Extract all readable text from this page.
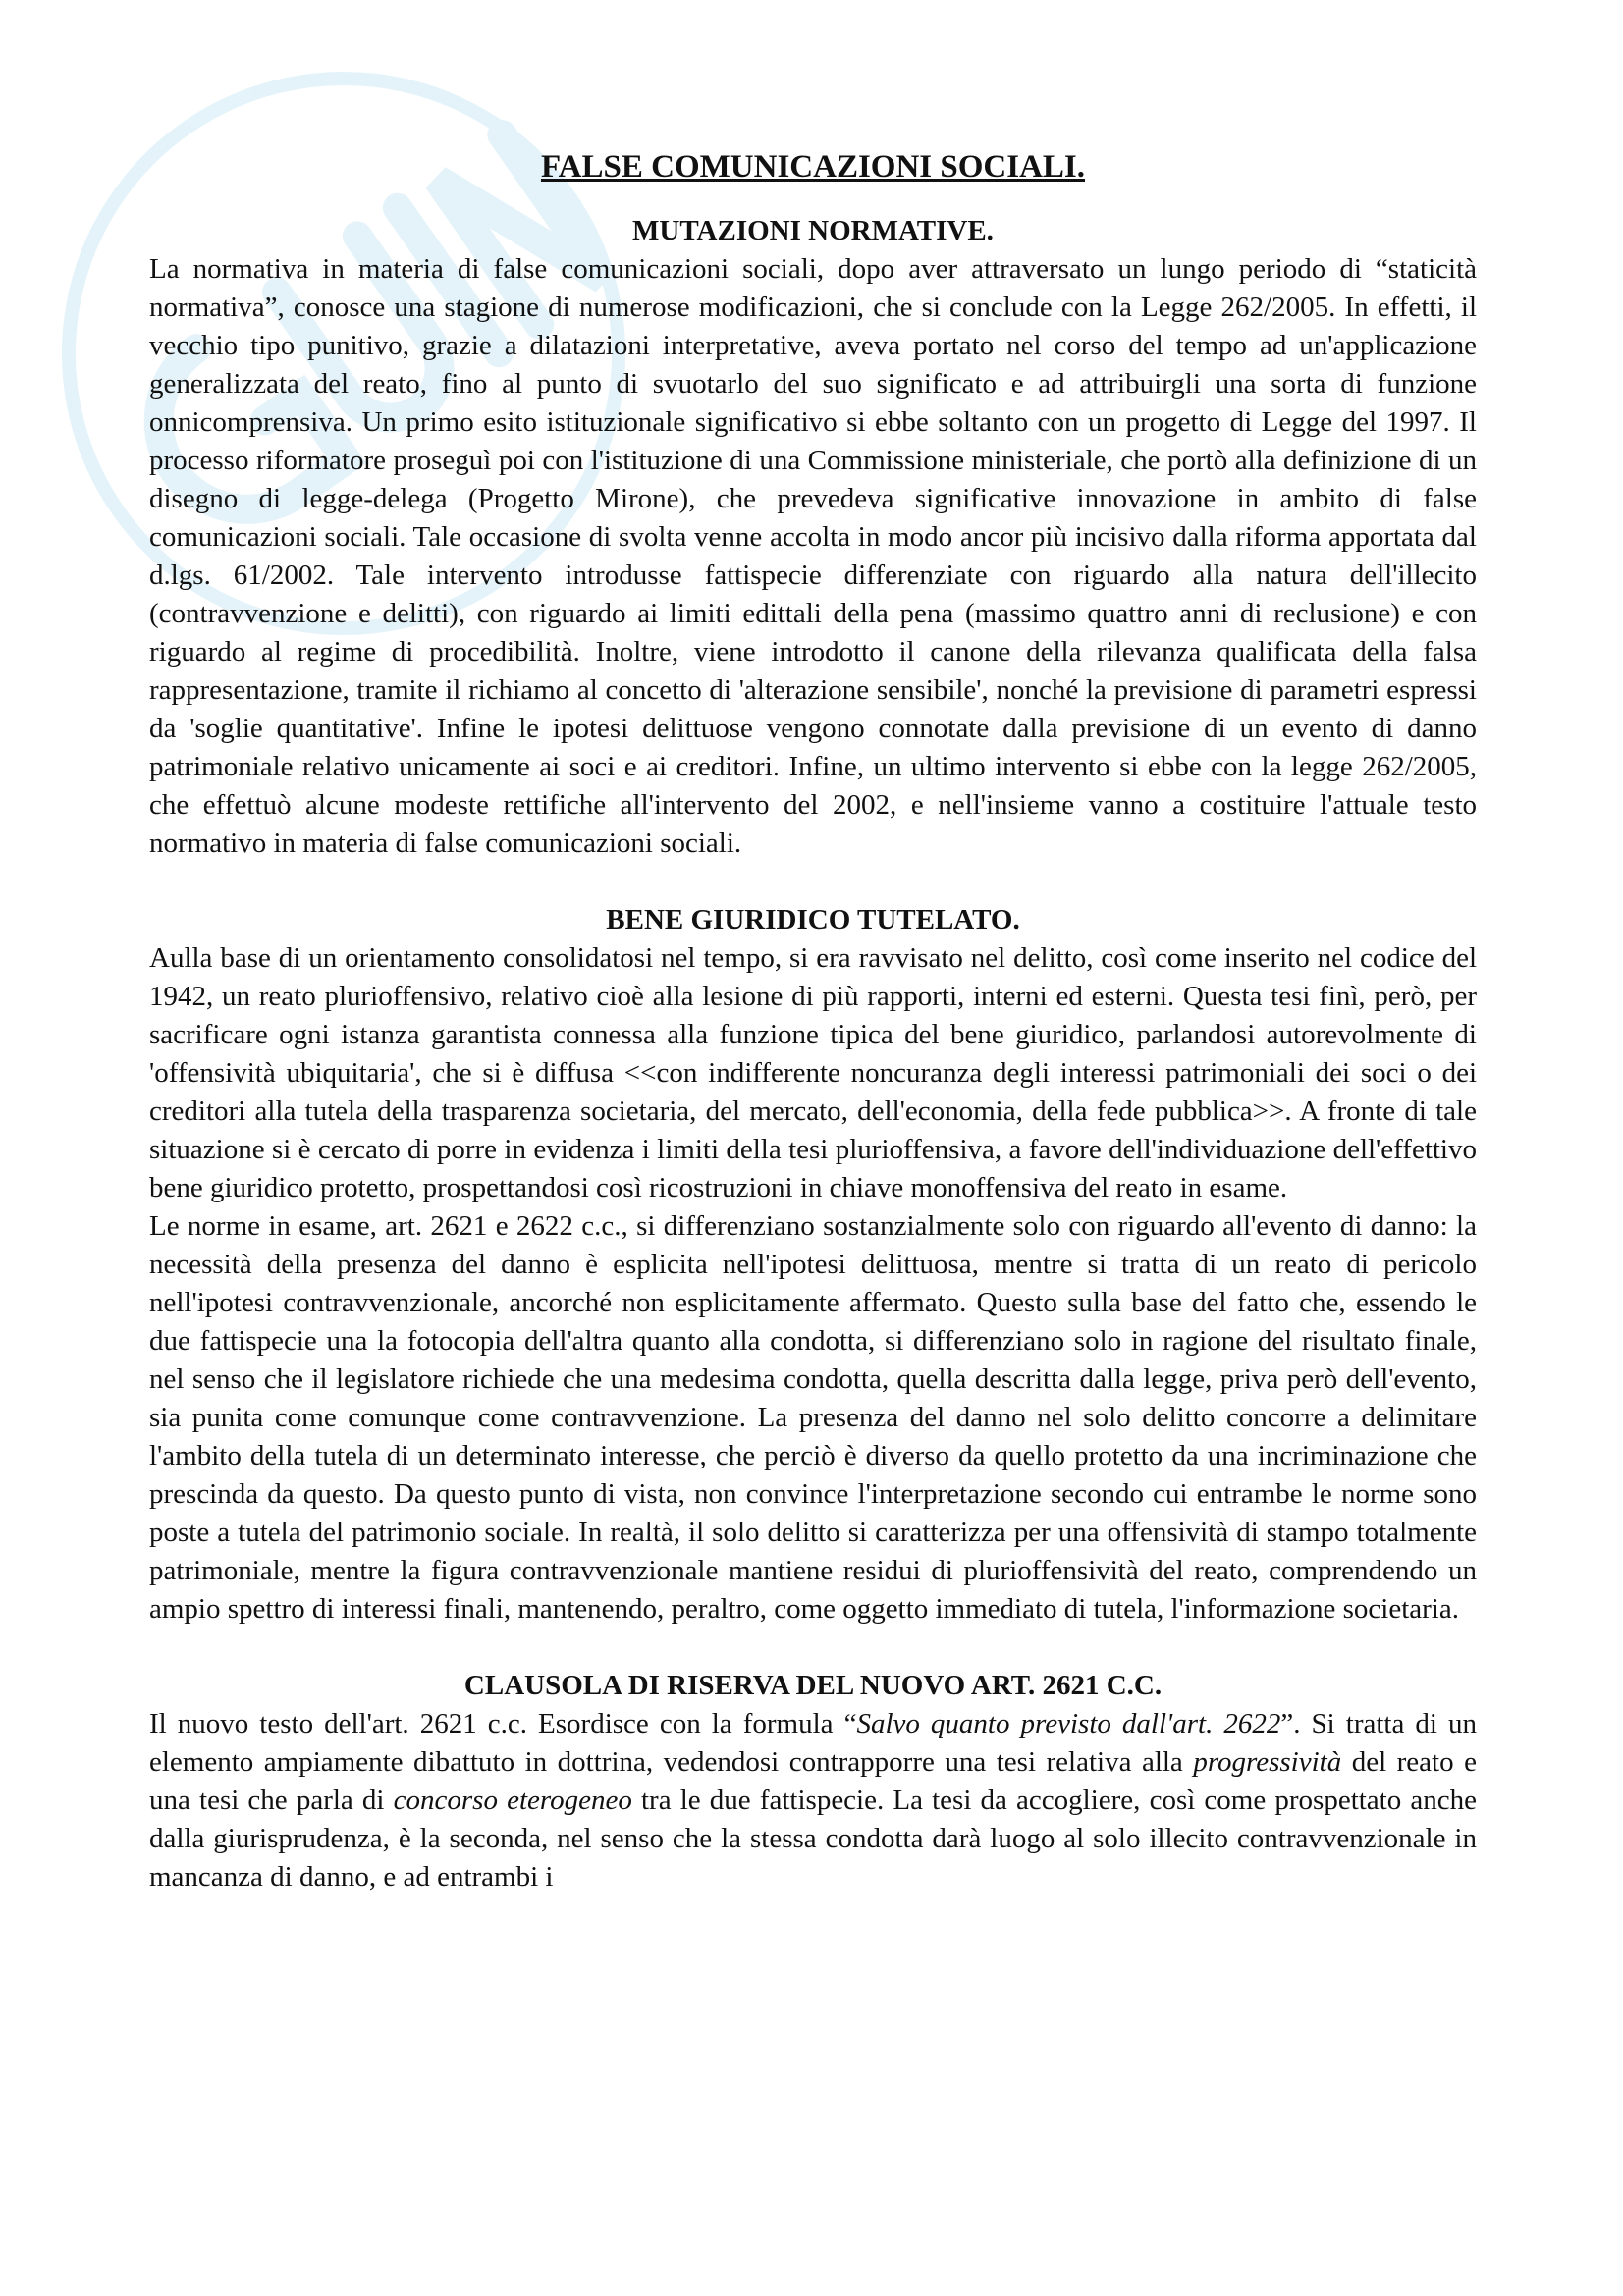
FALSE COMUNICAZIONI SOCIALI.
MUTAZIONI NORMATIVE.

La normativa in materia di false comunicazioni sociali, dopo aver attraversato un lungo periodo di “staticità normativa”, conosce una stagione di numerose modificazioni, che si conclude con la Legge 262/2005. In effetti, il vecchio tipo punitivo, grazie a dilatazioni interpretative, aveva portato nel corso del tempo ad un'applicazione generalizzata del reato, fino al punto di svuotarlo del suo significato e ad attribuirgli una sorta di funzione onnicomprensiva. Un primo esito istituzionale significativo si ebbe soltanto con un progetto di Legge del 1997. Il processo riformatore proseguì poi con l'istituzione di una Commissione ministeriale, che portò alla definizione di un disegno di legge-delega (Progetto Mirone), che prevedeva significative innovazione in ambito di false comunicazioni sociali. Tale occasione di svolta venne accolta in modo ancor più incisivo dalla riforma apportata dal d.lgs. 61/2002. Tale intervento introdusse fattispecie differenziate con riguardo alla natura dell'illecito (contravvenzione e delitti), con riguardo ai limiti edittali della pena (massimo quattro anni di reclusione) e con riguardo al regime di procedibilità. Inoltre, viene introdotto il canone della rilevanza qualificata della falsa rappresentazione, tramite il richiamo al concetto di 'alterazione sensibile', nonché la previsione di parametri espressi da 'soglie quantitative'. Infine le ipotesi delittuose vengono connotate dalla previsione di un evento di danno patrimoniale relativo unicamente ai soci e ai creditori. Infine, un ultimo intervento si ebbe con la legge 262/2005, che effettuò alcune modeste rettifiche all'intervento del 2002, e nell'insieme vanno a costituire l'attuale testo normativo in materia di false comunicazioni sociali.

BENE GIURIDICO TUTELATO.

Aulla base di un orientamento consolidatosi nel tempo, si era ravvisato nel delitto, così come inserito nel codice del 1942, un reato plurioffensivo, relativo cioè alla lesione di più rapporti, interni ed esterni. Questa tesi finì, però, per sacrificare ogni istanza garantista connessa alla funzione tipica del bene giuridico, parlandosi autorevolmente di 'offensività ubiquitaria', che si è diffusa <<con indifferente noncuranza degli interessi patrimoniali dei soci o dei creditori alla tutela della trasparenza societaria, del mercato, dell'economia, della fede pubblica>>. A fronte di tale situazione si è cercato di porre in evidenza i limiti della tesi plurioffensiva, a favore dell'individuazione dell'effettivo bene giuridico protetto, prospettandosi così ricostruzioni in chiave monoffensiva del reato in esame.

Le norme in esame, art. 2621 e 2622 c.c., si differenziano sostanzialmente solo con riguardo all'evento di danno: la necessità della presenza del danno è esplicita nell'ipotesi delittuosa, mentre si tratta di un reato di pericolo nell'ipotesi contravvenzionale, ancorché non esplicitamente affermato. Questo sulla base del fatto che, essendo le due fattispecie una la fotocopia dell'altra quanto alla condotta, si differenziano solo in ragione del risultato finale, nel senso che il legislatore richiede che una medesima condotta, quella descritta dalla legge, priva però dell'evento, sia punita come comunque come contravvenzione. La presenza del danno nel solo delitto concorre a delimitare l'ambito della tutela di un determinato interesse, che perciò è diverso da quello protetto da una incriminazione che prescinda da questo. Da questo punto di vista, non convince l'interpretazione secondo cui entrambe le norme sono poste a tutela del patrimonio sociale. In realtà, il solo delitto si caratterizza per una offensività di stampo totalmente patrimoniale, mentre la figura contravvenzionale mantiene residui di plurioffensività del reato, comprendendo un ampio spettro di interessi finali, mantenendo, peraltro, come oggetto immediato di tutela, l'informazione societaria.

CLAUSOLA DI RISERVA DEL NUOVO ART. 2621 C.C.

Il nuovo testo dell'art. 2621 c.c. Esordisce con la formula “Salvo quanto previsto dall'art. 2622”. Si tratta di un elemento ampiamente dibattuto in dottrina, vedendosi contrapporre una tesi relativa alla progressività del reato e una tesi che parla di concorso eterogeneo tra le due fattispecie. La tesi da accogliere, così come prospettato anche dalla giurisprudenza, è la seconda, nel senso che la stessa condotta darà luogo al solo illecito contravvenzionale in mancanza di danno, e ad entrambi i
